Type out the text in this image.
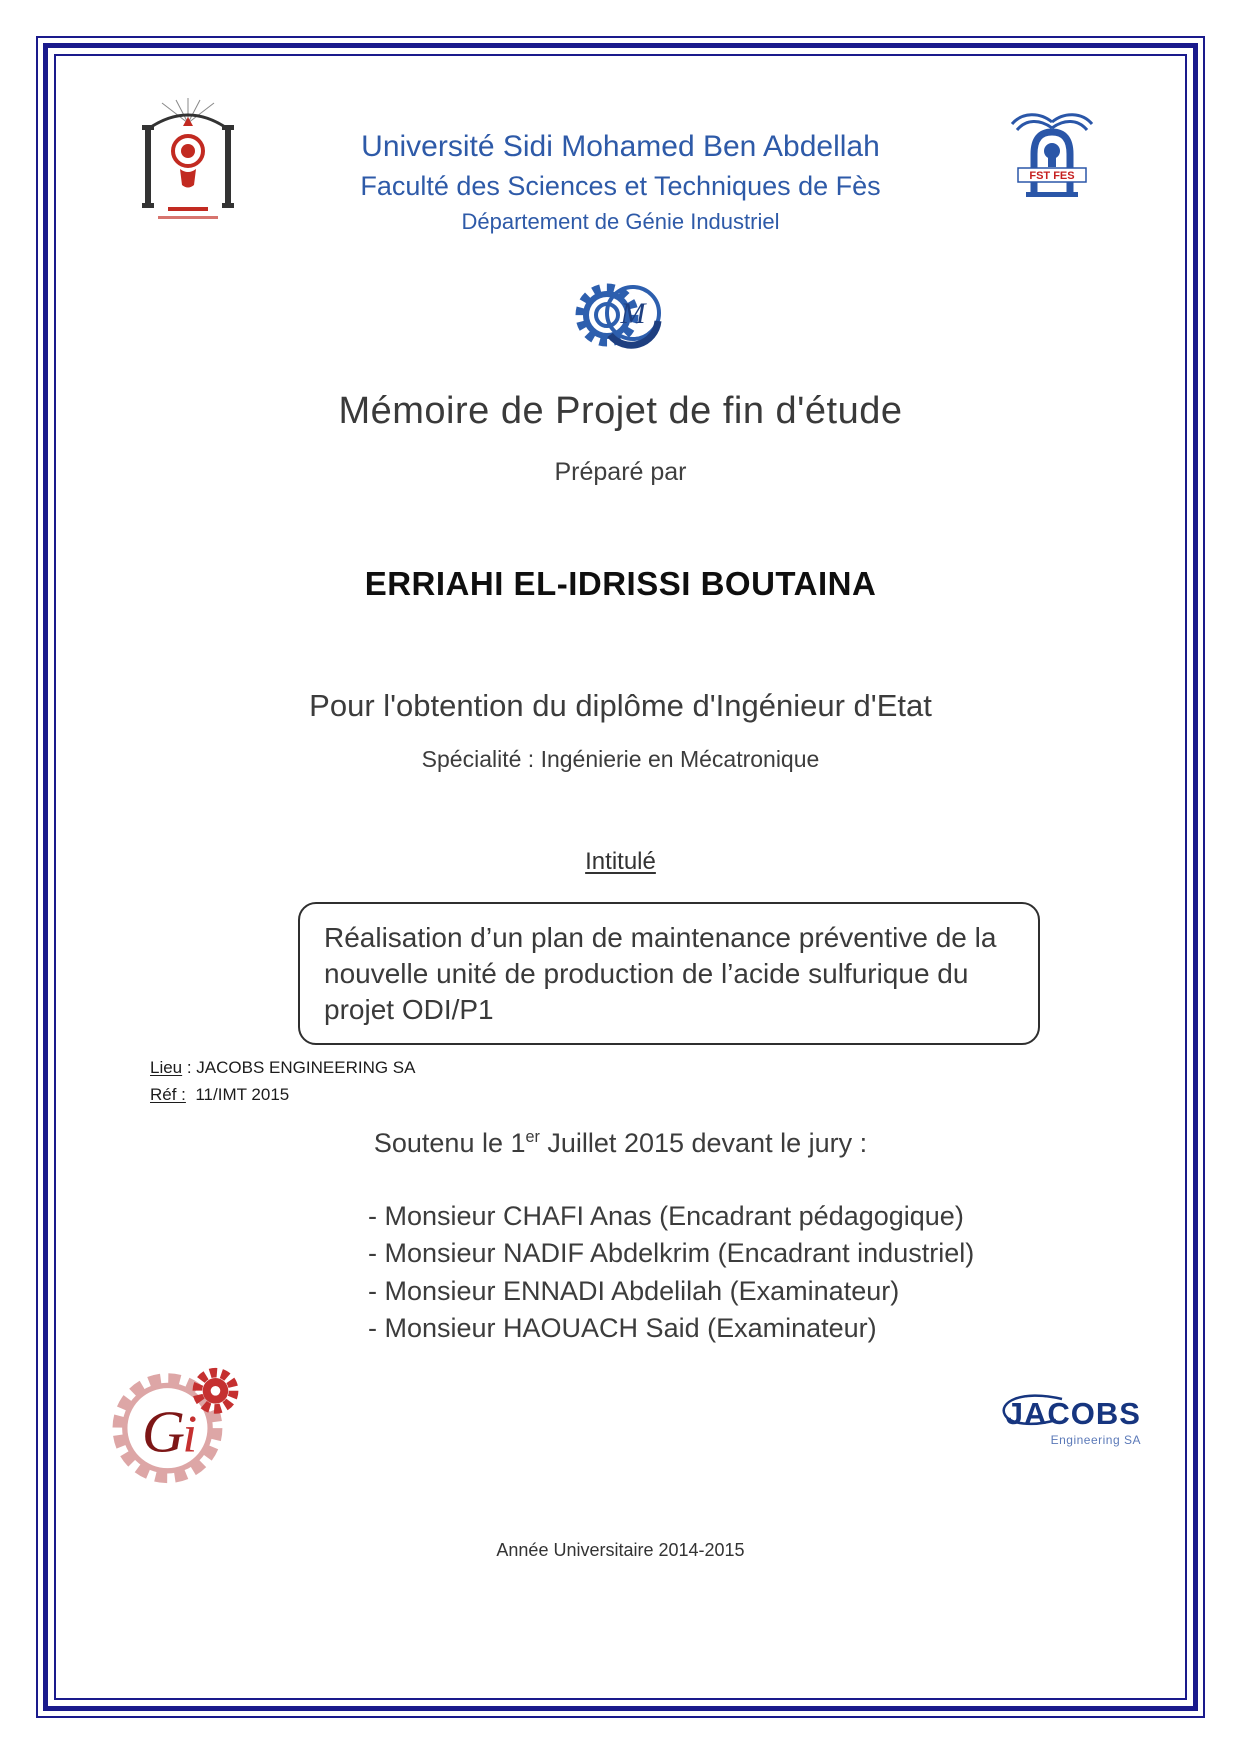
Université Sidi Mohamed Ben Abdellah
Faculté des Sciences et Techniques de Fès
Département de Génie Industriel
FST FES
M
Mémoire de Projet de fin d'étude
Préparé par
ERRIAHI EL-IDRISSI BOUTAINA
Pour l'obtention du diplôme d'Ingénieur d'Etat
Spécialité : Ingénierie en Mécatronique
Intitulé
Réalisation d’un plan de maintenance préventive de la nouvelle unité de production de l’acide sulfurique du projet ODI/P1
Lieu : JACOBS ENGINEERING SA
Réf :  11/IMT 2015
Soutenu le 1er Juillet 2015 devant le jury :
- Monsieur CHAFI Anas (Encadrant pédagogique)
- Monsieur NADIF Abdelkrim (Encadrant industriel)
- Monsieur ENNADI Abdelilah (Examinateur)
- Monsieur HAOUACH Said (Examinateur)
G
i	JACOBS
Engineering SA
Année Universitaire 2014-2015
